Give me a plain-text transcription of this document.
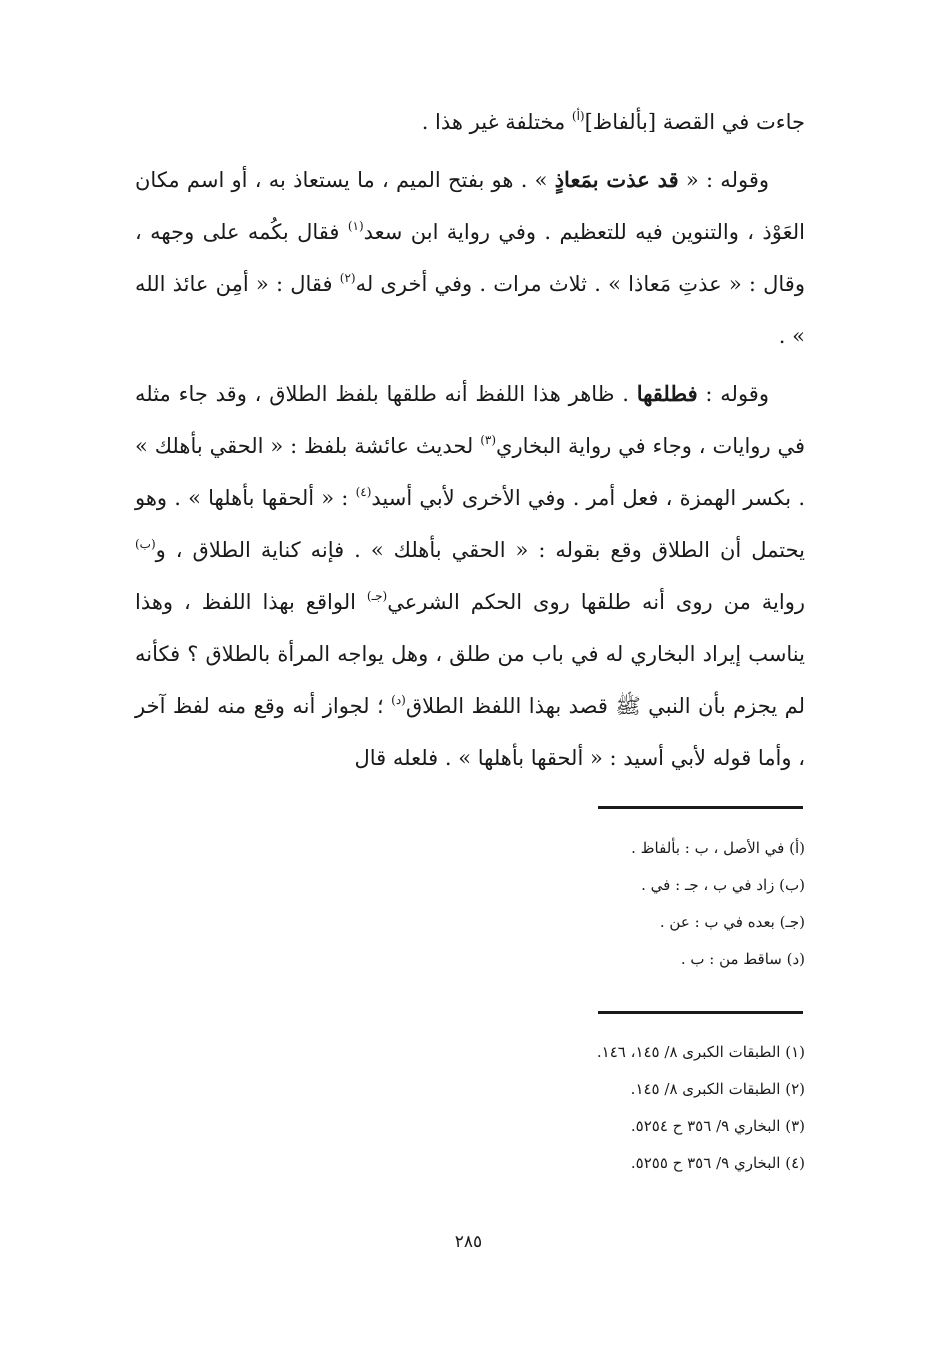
جاءت في القصة [بألفاظ]$^{(أ)}$ مختلفة غير هذا .

وقوله : « قد عذت بمَعاذٍ » . هو بفتح الميم ، ما يستعاذ به ، أو اسم مكان العَوْذ ، والتنوين فيه للتعظيم . وفي رواية ابن سعد$^{(١)}$ فقال بكُمه على وجهه ، وقال : « عذتِ مَعاذا » . ثلاث مرات . وفي أخرى له$^{(٢)}$ فقال : « أمِن عائذ الله » .

وقوله : فطلقها . ظاهر هذا اللفظ أنه طلقها بلفظ الطلاق ، وقد جاء مثله في روايات ، وجاء في رواية البخاري$^{(٣)}$ لحديث عائشة بلفظ : « الحقي بأهلك » . بكسر الهمزة ، فعل أمر . وفي الأخرى لأبي أسيد$^{(٤)}$ : « ألحقها بأهلها » . وهو يحتمل أن الطلاق وقع بقوله : « الحقي بأهلك » . فإنه كناية الطلاق ، و$^{(ب)}$ رواية من روى أنه طلقها روى الحكم الشرعي$^{(جـ)}$ الواقع بهذا اللفظ ، وهذا يناسب إيراد البخاري له في باب من طلق ، وهل يواجه المرأة بالطلاق ؟ فكأنه لم يجزم بأن النبي ﷺ قصد بهذا اللفظ الطلاق$^{(د)}$ ؛ لجواز أنه وقع منه لفظ آخر ، وأما قوله لأبي أسيد : « ألحقها بأهلها » . فلعله قال

(أ) في الأصل ، ب : بألفاظ .
(ب) زاد في ب ، جـ : في .
(جـ) بعده في ب : عن .
(د) ساقط من : ب .
(١) الطبقات الكبرى ٨/ ١٤٥، ١٤٦.
(٢) الطبقات الكبرى ٨/ ١٤٥.
(٣) البخاري ٩/ ٣٥٦ ح ٥٢٥٤.
(٤) البخاري ٩/ ٣٥٦ ح ٥٢٥٥.
٢٨٥
